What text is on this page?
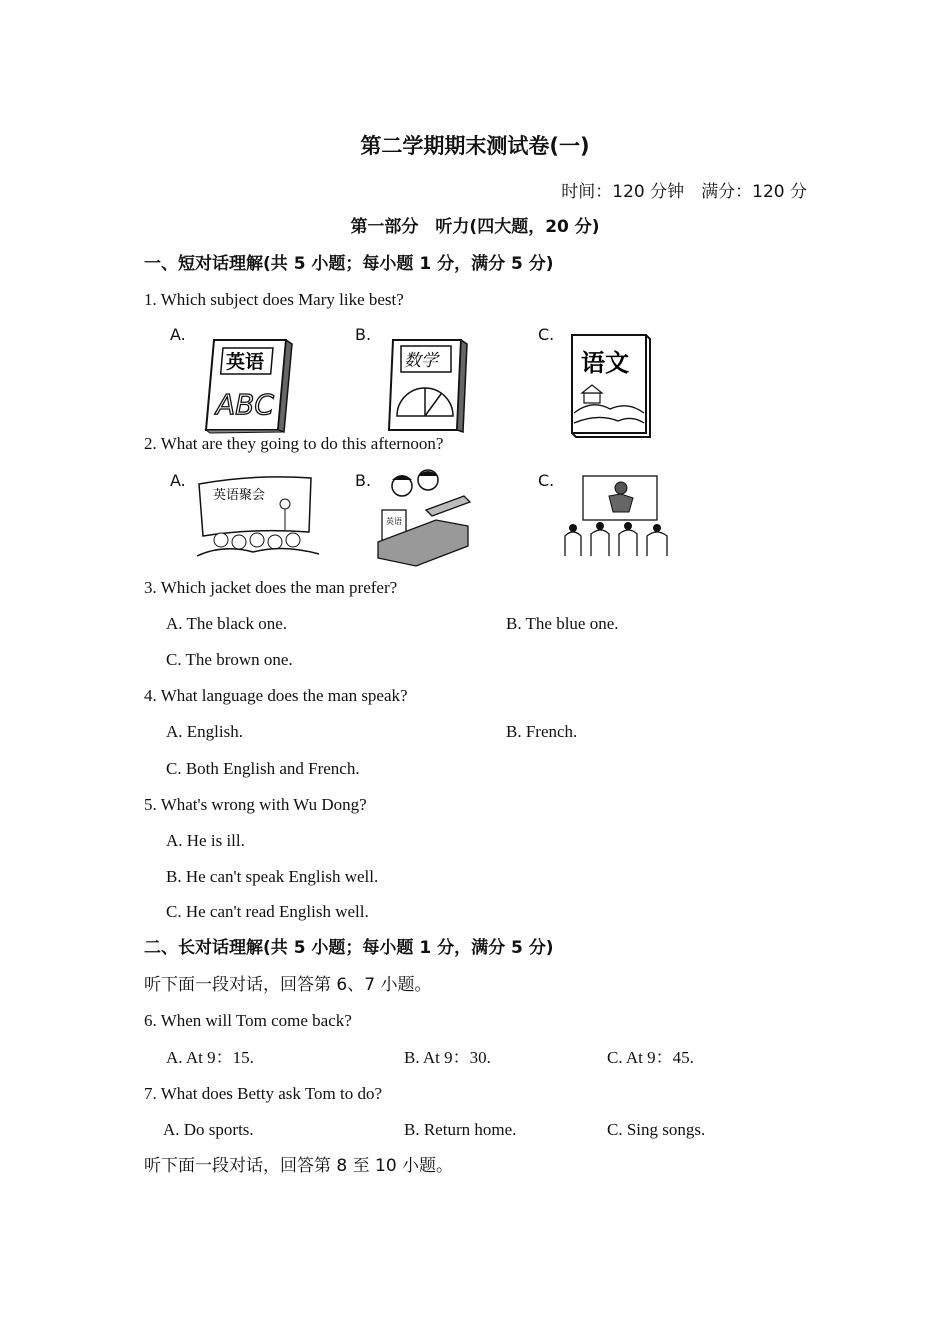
第二学期期末测试卷(一)
时间：120 分钟　满分：120 分
第一部分　听力(四大题，20 分)
一、短对话理解(共 5 小题；每小题 1 分，满分 5 分)
1. Which subject does Mary like best?
A.	B.	C.
英语
ABC
数学	语文
2. What are they going to do this afternoon?
A.	B.	C.
英语聚会
英语
3. Which jacket does the man prefer?
A. The black one.	B. The blue one.
C. The brown one.
4. What language does the man speak?
A. English.	B. French.
C. Both English and French.
5. What's wrong with Wu Dong?
A. He is ill.
B. He can't speak English well.
C. He can't read English well.
二、长对话理解(共 5 小题；每小题 1 分，满分 5 分)
听下面一段对话，回答第 6、7 小题。
6. When will Tom come back?
A. At 9：15.	B. At 9：30.	C. At 9：45.
7. What does Betty ask Tom to do?
A. Do sports.	B. Return home.	C. Sing songs.
听下面一段对话，回答第 8 至 10 小题。
